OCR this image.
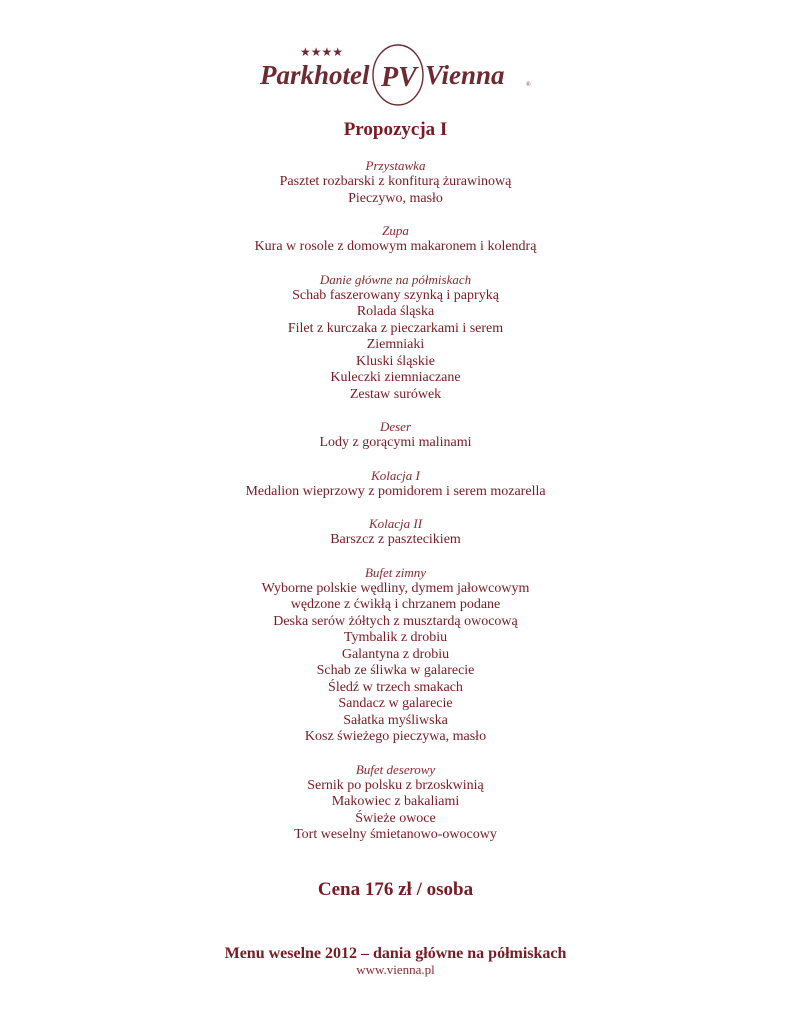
★★★★
Parkhotel PV Vienna	®
Propozycja I
Przystawka
Pasztet rozbarski z konfiturą żurawinową
Pieczywo, masło
Zupa
Kura w rosole z domowym makaronem i kolendrą
Danie główne na półmiskach
Schab faszerowany szynką i papryką
Rolada śląska
Filet z kurczaka z pieczarkami i serem
Ziemniaki
Kluski śląskie
Kuleczki ziemniaczane
Zestaw surówek
Deser
Lody z gorącymi malinami
Kolacja I
Medalion wieprzowy z pomidorem i serem mozarella
Kolacja II
Barszcz z pasztecikiem
Bufet zimny
Wyborne polskie wędliny, dymem jałowcowym
wędzone z ćwikłą i chrzanem podane
Deska serów żółtych z musztardą owocową
Tymbalik z drobiu
Galantyna z drobiu
Schab ze śliwka w galarecie
Śledź w trzech smakach
Sandacz w galarecie
Sałatka myśliwska
Kosz świeżego pieczywa, masło
Bufet deserowy
Sernik po polsku z brzoskwinią
Makowiec z bakaliami
Świeże owoce
Tort weselny śmietanowo-owocowy
Cena 176 zł / osoba
Menu weselne 2012 – dania główne na półmiskach
www.vienna.pl
